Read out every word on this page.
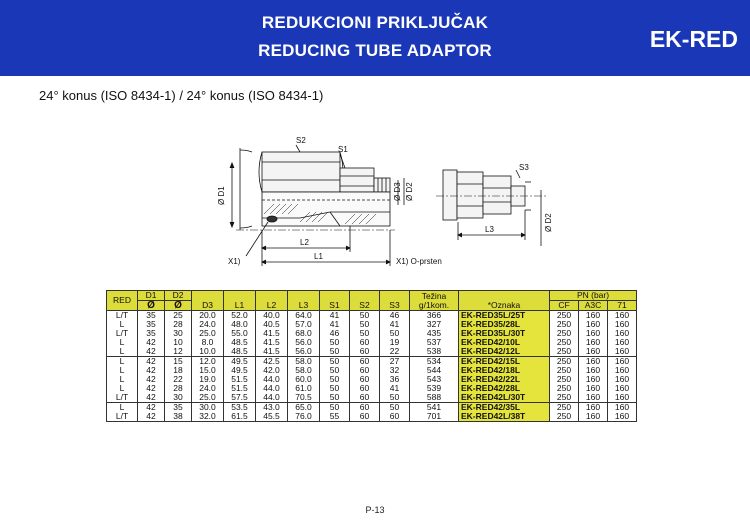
REDUKCIONI PRIKLJUČAK
REDUCING TUBE ADAPTOR	EK-RED
24° konus (ISO 8434-1) / 24° konus (ISO 8434-1)
S2
S1
Ø D1	Ø D3 Ø D2
L2
L1
X1)	X1) O-prsten
S3
L3	Ø D2
RED	D1	D2	D3	L1	L2	L3	S1	S2	S3	Težina
g/1kom.	*Oznaka	PN (bar)		
	Ø	Ø										CF	A3C	71
L/T	35	25	20.0	52.0	40.0	64.0	41	50	46	366	EK-RED35L/25T	250	160	160
L	35	28	24.0	48.0	40.5	57.0	41	50	41	327	EK-RED35/28L	250	160	160
L/T	35	30	25.0	55.0	41.5	68.0	46	50	50	435	EK-RED35L/30T	250	160	160
L	42	10	8.0	48.5	41.5	56.0	50	60	19	537	EK-RED42/10L	250	160	160
L	42	12	10.0	48.5	41.5	56.0	50	60	22	538	EK-RED42/12L	250	160	160
L	42	15	12.0	49.5	42.5	58.0	50	60	27	534	EK-RED42/15L	250	160	160
L	42	18	15.0	49.5	42.0	58.0	50	60	32	544	EK-RED42/18L	250	160	160
L	42	22	19.0	51.5	44.0	60.0	50	60	36	543	EK-RED42/22L	250	160	160
L	42	28	24.0	51.5	44.0	61.0	50	60	41	539	EK-RED42/28L	250	160	160
L/T	42	30	25.0	57.5	44.0	70.5	50	60	50	588	EK-RED42L/30T	250	160	160
L	42	35	30.0	53.5	43.0	65.0	50	60	50	541	EK-RED42/35L	250	160	160
L/T	42	38	32.0	61.5	45.5	76.0	55	60	60	701	EK-RED42L/38T	250	160	160
P-13
